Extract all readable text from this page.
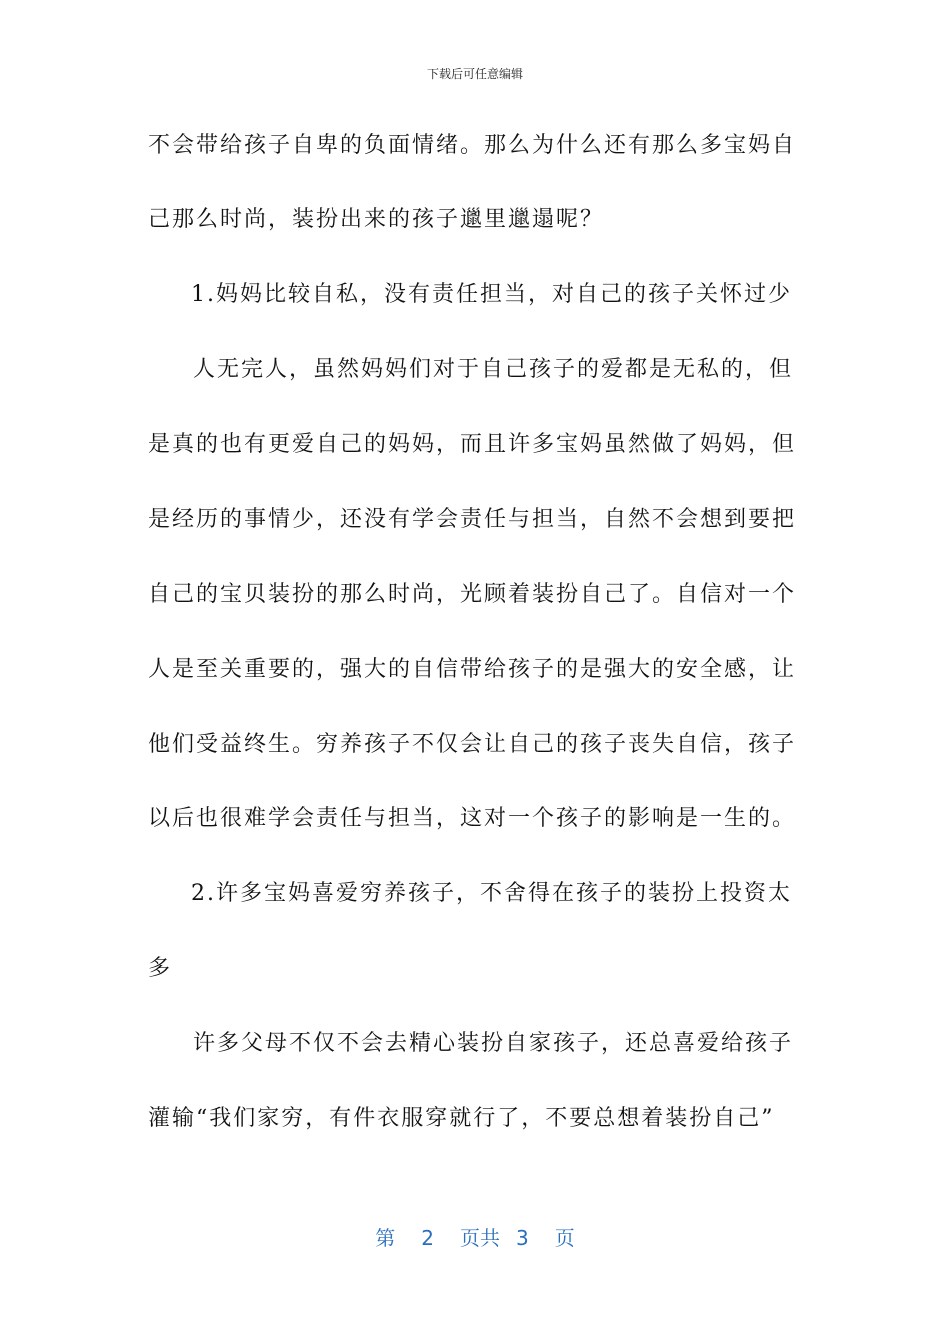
下载后可任意编辑
不会带给孩子自卑的负面情绪。那么为什么还有那么多宝妈自
己那么时尚，装扮出来的孩子邋里邋遢呢？
1.妈妈比较自私，没有责任担当，对自己的孩子关怀过少
人无完人，虽然妈妈们对于自己孩子的爱都是无私的，但
是真的也有更爱自己的妈妈，而且许多宝妈虽然做了妈妈，但
是经历的事情少，还没有学会责任与担当，自然不会想到要把
自己的宝贝装扮的那么时尚，光顾着装扮自己了。自信对一个
人是至关重要的，强大的自信带给孩子的是强大的安全感，让
他们受益终生。穷养孩子不仅会让自己的孩子丧失自信，孩子
以后也很难学会责任与担当，这对一个孩子的影响是一生的。
2.许多宝妈喜爱穷养孩子，不舍得在孩子的装扮上投资太
多
许多父母不仅不会去精心装扮自家孩子，还总喜爱给孩子
灌输“我们家穷，有件衣服穿就行了，不要总想着装扮自己”
第 2 页共 3 页
